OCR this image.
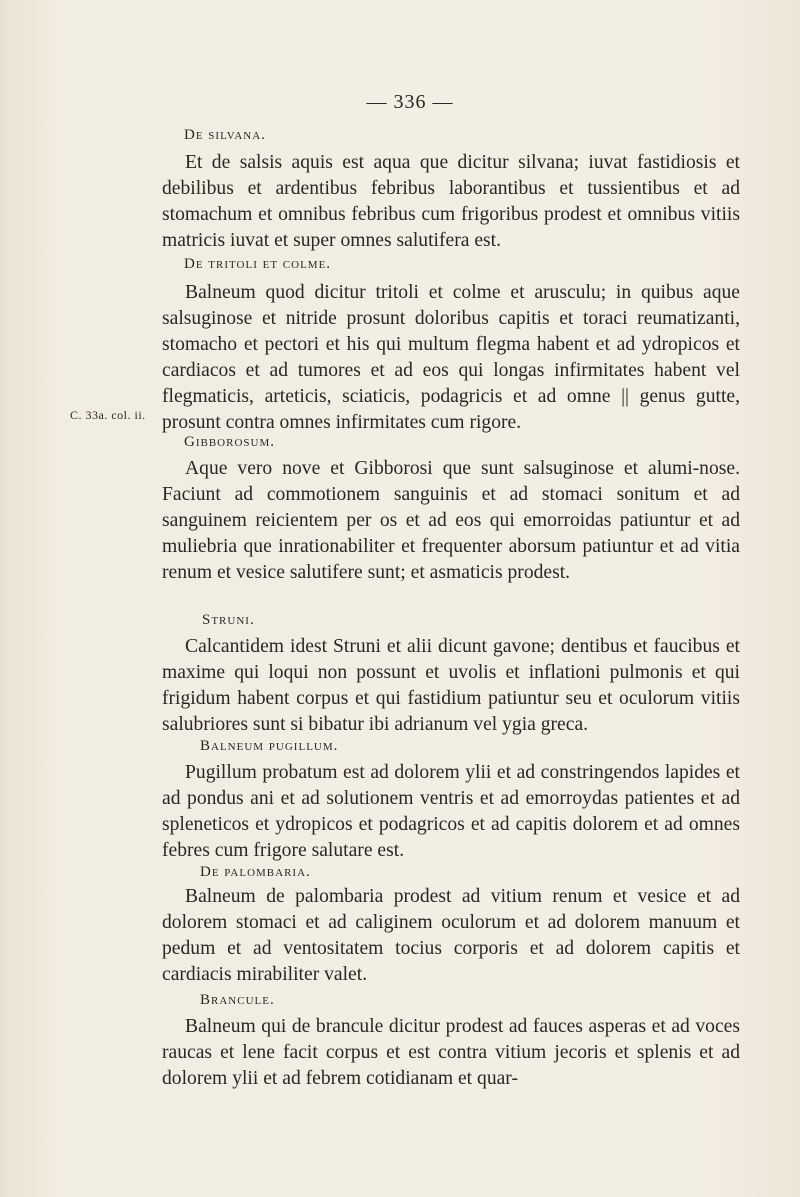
— 336 —
De silvana.
Et de salsis aquis est aqua que dicitur silvana; iuvat fastidiosis et debilibus et ardentibus febribus laborantibus et tussientibus et ad stomachum et omnibus febribus cum frigoribus prodest et omnibus vitiis matricis iuvat et super omnes salutifera est.
De tritoli et colme.
Balneum quod dicitur tritoli et colme et arusculu; in quibus aque salsuginose et nitride prosunt doloribus capitis et toraci reumatizanti, stomacho et pectori et his qui multum flegma habent et ad ydropicos et cardiacos et ad tumores et ad eos qui longas infirmitates habent vel flegmaticis, arteticis, sciaticis, podagricis et ad omne || genus gutte, prosunt contra omnes infirmitates cum rigore.
C. 33a. col. ii.
Gibborosum.
Aque vero nove et Gibborosi que sunt salsuginose et alumi-nose. Faciunt ad commotionem sanguinis et ad stomaci sonitum et ad sanguinem reicientem per os et ad eos qui emorroidas patiuntur et ad muliebria que inrationabiliter et frequenter aborsum patiuntur et ad vitia renum et vesice salutifere sunt; et asmaticis prodest.
Struni.
Calcantidem idest Struni et alii dicunt gavone; dentibus et faucibus et maxime qui loqui non possunt et uvolis et inflationi pulmonis et qui frigidum habent corpus et qui fastidium patiuntur seu et oculorum vitiis salubriores sunt si bibatur ibi adrianum vel ygia greca.
Balneum pugillum.
Pugillum probatum est ad dolorem ylii et ad constringendos lapides et ad pondus ani et ad solutionem ventris et ad emorroydas patientes et ad spleneticos et ydropicos et podagricos et ad capitis dolorem et ad omnes febres cum frigore salutare est.
De palombaria.
Balneum de palombaria prodest ad vitium renum et vesice et ad dolorem stomaci et ad caliginem oculorum et ad dolorem manuum et pedum et ad ventositatem tocius corporis et ad dolorem capitis et cardiacis mirabiliter valet.
Brancule.
Balneum qui de brancule dicitur prodest ad fauces asperas et ad voces raucas et lene facit corpus et est contra vitium jecoris et splenis et ad dolorem ylii et ad febrem cotidianam et quar-
